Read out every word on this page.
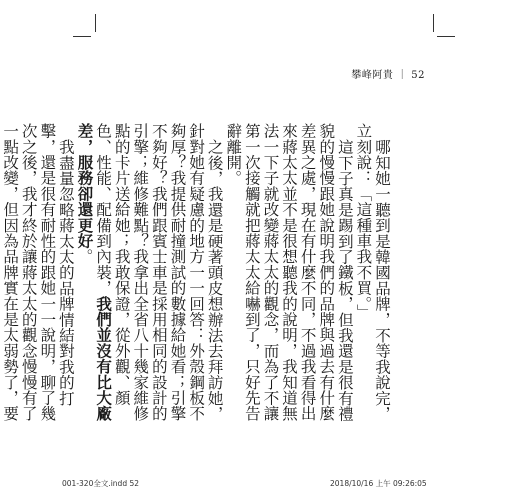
攀峰阿貴 ｜ 52

哪知她一聽到是韓國品牌，不等我說完，立刻說：「這種車我不買。」

這下子真是踢到了鐵板，但我還是很有禮貌的慢慢跟她說明我們的品牌與過去有什麼差異之處，現在有什麼不同，不過我看得出來蔣太太並不是很想聽我的說明，我知道無法一下子就改變蔣太太的觀念，而為了不讓第一次接觸就把蔣太太給嚇到了，只好先告辭離開。

之後，我還是硬著頭皮想辦法去拜訪她，針對她有疑慮的地方一一回答：外殼鋼板不夠厚？我提供耐撞測試的數據給她看；引擎不夠好？我們跟賓士車是採用相同的設計的引擎；維修難點？我拿出全省八十幾家維修點的卡片送給她；我敢保證，從外觀、顏色、性能、配備到內裝，我們並沒有比大廠差，服務卻還更好。

我盡量忽略蔣太太的品牌情結對我的打擊，還是很有耐性的跟她一一說明，聊了幾次之後，我才終於讓蔣太太的觀念慢慢有了一點改變，但因為品牌實在是太弱勢了，要

001-320全文.indd 52	2018/10/16 上午 09:26:05
